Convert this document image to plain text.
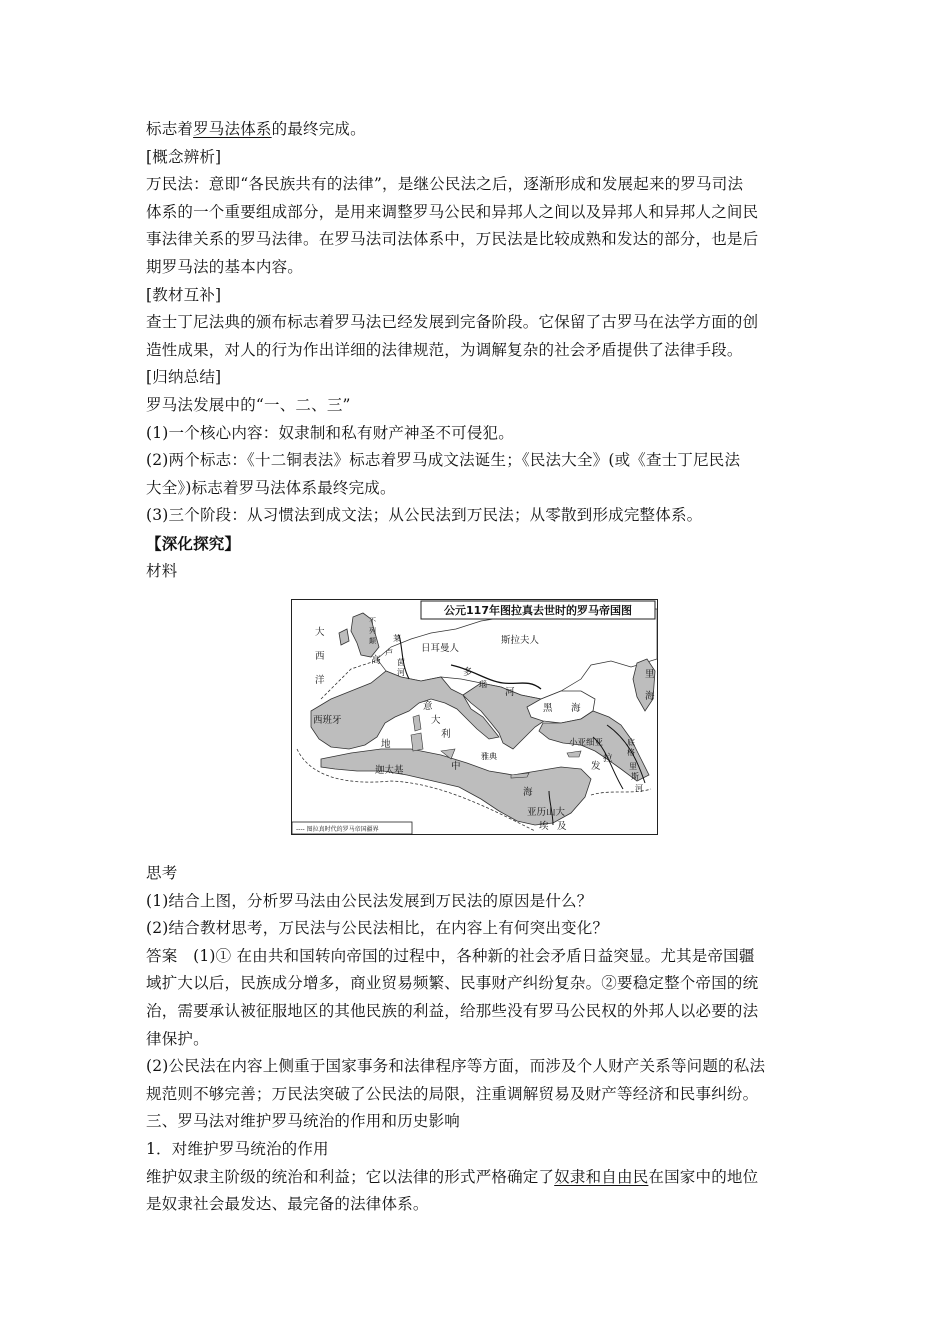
标志着罗马法体系的最终完成。

[概念辨析]

万民法：意即“各民族共有的法律”，是继公民法之后，逐渐形成和发展起来的罗马司法

体系的一个重要组成部分，是用来调整罗马公民和异邦人之间以及异邦人和异邦人之间民

事法律关系的罗马法律。在罗马法司法体系中，万民法是比较成熟和发达的部分，也是后

期罗马法的基本内容。

[教材互补]

查士丁尼法典的颁布标志着罗马法已经发展到完备阶段。它保留了古罗马在法学方面的创

造性成果，对人的行为作出详细的法律规范，为调解复杂的社会矛盾提供了法律手段。

[归纳总结]

罗马法发展中的“一、二、三”

(1)一个核心内容：奴隶制和私有财产神圣不可侵犯。

(2)两个标志：《十二铜表法》标志着罗马成文法诞生；《民法大全》(或《查士丁尼民法

大全》)标志着罗马法体系最终完成。

(3)三个阶段：从习惯法到成文法；从公民法到万民法；从零散到形成完整体系。

【深化探究】

材料

思考

(1)结合上图，分析罗马法由公民法发展到万民法的原因是什么？

(2)结合教材思考，万民法与公民法相比，在内容上有何突出变化？

答案　(1)① 在由共和国转向帝国的过程中，各种新的社会矛盾日益突显。尤其是帝国疆

域扩大以后，民族成分增多，商业贸易频繁、民事财产纠纷复杂。②要稳定整个帝国的统

治，需要承认被征服地区的其他民族的利益，给那些没有罗马公民权的外邦人以必要的法

律保护。

(2)公民法在内容上侧重于国家事务和法律程序等方面，而涉及个人财产关系等问题的私法

规范则不够完善；万民法突破了公民法的局限，注重调解贸易及财产等经济和民事纠纷。

三、罗马法对维护罗马统治的作用和历史影响

1．对维护罗马统治的作用

维护奴隶主阶级的统治和利益；它以法律的形式严格确定了奴隶和自由民在国家中的地位

是奴隶社会最发达、最完备的法律体系。

公元117年图拉真去世时的罗马帝国图
---- 图拉真时代的罗马帝国疆界
大
西
洋
不
列
颠 莱
茵
河
高
卢	日耳曼人
斯拉夫人
多
瑙
河
里
海
西班牙
意
大
利
地
中
海
迦太基
雅典
黑 海
小亚细亚
发
拉
底
格
里
斯
河
亚历山大
埃 及
